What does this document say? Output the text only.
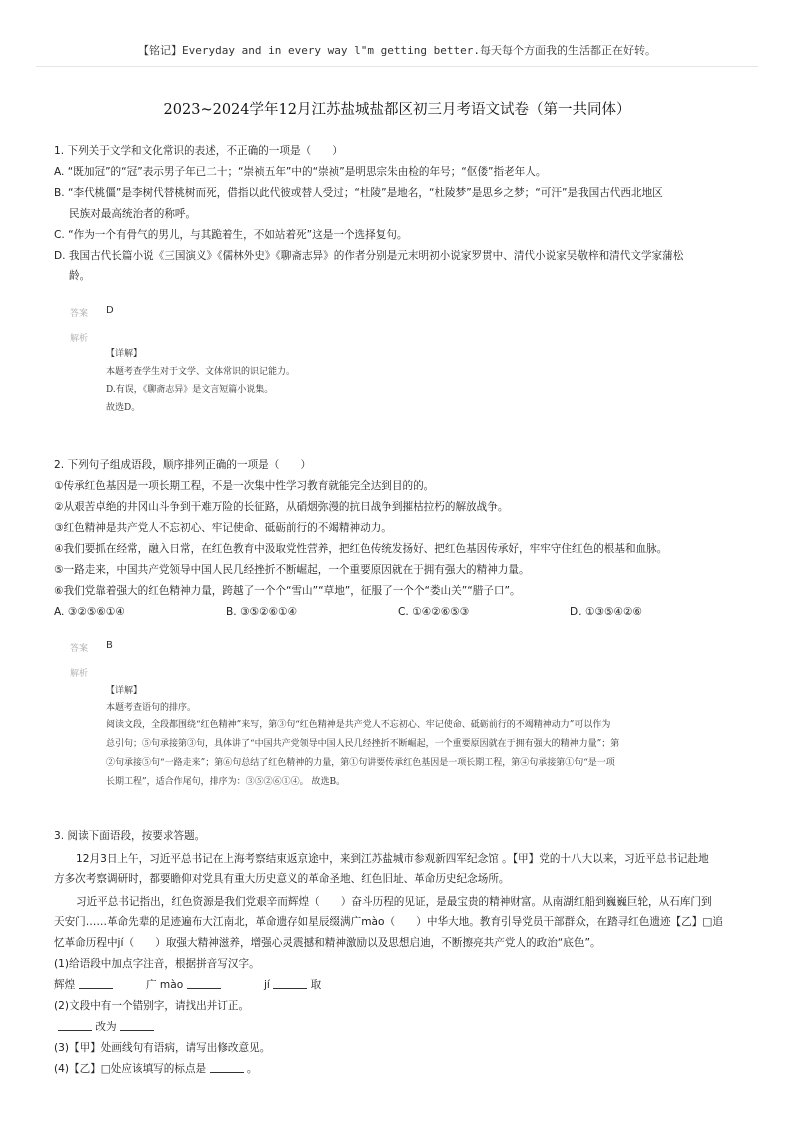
【铭记】Everyday and in every way l"m getting better.每天每个方面我的生活都正在好转。
2023~2024学年12月江苏盐城盐都区初三月考语文试卷（第一共同体）
1. 下列关于文学和文化常识的表述，不正确的一项是（　　）
A. “既加冠”的“冠”表示男子年已二十；“崇祯五年”中的“崇祯”是明思宗朱由检的年号；“伛偻”指老年人。
B. “李代桃僵”是李树代替桃树而死，借指以此代彼或替人受过；“杜陵”是地名，“杜陵梦”是思乡之梦；“可汗”是我国古代西北地区
民族对最高统治者的称呼。
C. “作为一个有骨气的男儿，与其跪着生，不如站着死”这是一个选择复句。
D. 我国古代长篇小说《三国演义》《儒林外史》《聊斋志异》的作者分别是元末明初小说家罗贯中、清代小说家吴敬梓和清代文学家蒲松
龄。
答案 D
解析
【详解】
本题考查学生对于文学、文体常识的识记能力。
D.有误，《聊斋志异》是文言短篇小说集。
故选D。
2. 下列句子组成语段，顺序排列正确的一项是（　　）
①传承红色基因是一项长期工程，不是一次集中性学习教育就能完全达到目的的。
②从艰苦卓绝的井冈山斗争到干难万险的长征路，从硝烟弥漫的抗日战争到摧枯拉朽的解放战争。
③红色精神是共产党人不忘初心、牢记使命、砥砺前行的不竭精神动力。
④我们要抓在经常，融入日常，在红色教育中汲取党性营养，把红色传统发扬好、把红色基因传承好，牢牢守住红色的根基和血脉。
⑤一路走来，中国共产党领导中国人民几经挫折不断崛起，一个重要原因就在于拥有强大的精神力量。
⑥我们党靠着强大的红色精神力量，跨越了一个个“雪山”“草地”，征服了一个个“娄山关”“腊子口”。
A. ③②⑤⑥①④	B. ③⑤②⑥①④	C. ①④②⑥⑤③	D. ①③⑤④②⑥
答案 B
解析
【详解】
本题考查语句的排序。
阅读文段，全段都围绕“红色精神”来写，第③句“红色精神是共产党人不忘初心、牢记使命、砥砺前行的不竭精神动力”可以作为
总引句；⑤句承接第③句，具体讲了“中国共产党领导中国人民几经挫折不断崛起，一个重要原因就在于拥有强大的精神力量”；第
②句承接⑤句“一路走来”；第⑥句总结了红色精神的力量，第①句讲要传承红色基因是一项长期工程，第④句承接第①句“是一项
长期工程”，适合作尾句，排序为：③⑤②⑥①④。 故选B。
3. 阅读下面语段，按要求答题。
12月3日上午，习近平总书记在上海考察结束返京途中，来到江苏盐城市参观新四军纪念馆 。【甲】党的十八大以来，习近平总书记赴地
方多次考察调研时，都要瞻仰对党具有重大历史意义的革命圣地、红色旧址、革命历史纪念场所。
习近平总书记指出，红色资源是我们党艰辛而辉煌（　　）奋斗历程的见证，是最宝贵的精神财富。从南湖红船到巍巍巨轮，从石库门到
天安门……革命先辈的足迹遍布大江南北，革命遗存如星辰缀满广mào（　　）中华大地。教育引导党员干部群众，在踏寻红色遗迹【乙】□追
忆革命历程中jí（　　）取强大精神滋养，增强心灵震撼和精神激励以及思想启迪，不断擦亮共产党人的政治“底色”。
(1)给语段中加点字注音，根据拼音写汉字。
辉煌	广 mào	jí	取
(2)文段中有一个错别字，请找出并订正。
改为
(3)【甲】处画线句有语病，请写出修改意见。
(4)【乙】□处应该填写的标点是	。
